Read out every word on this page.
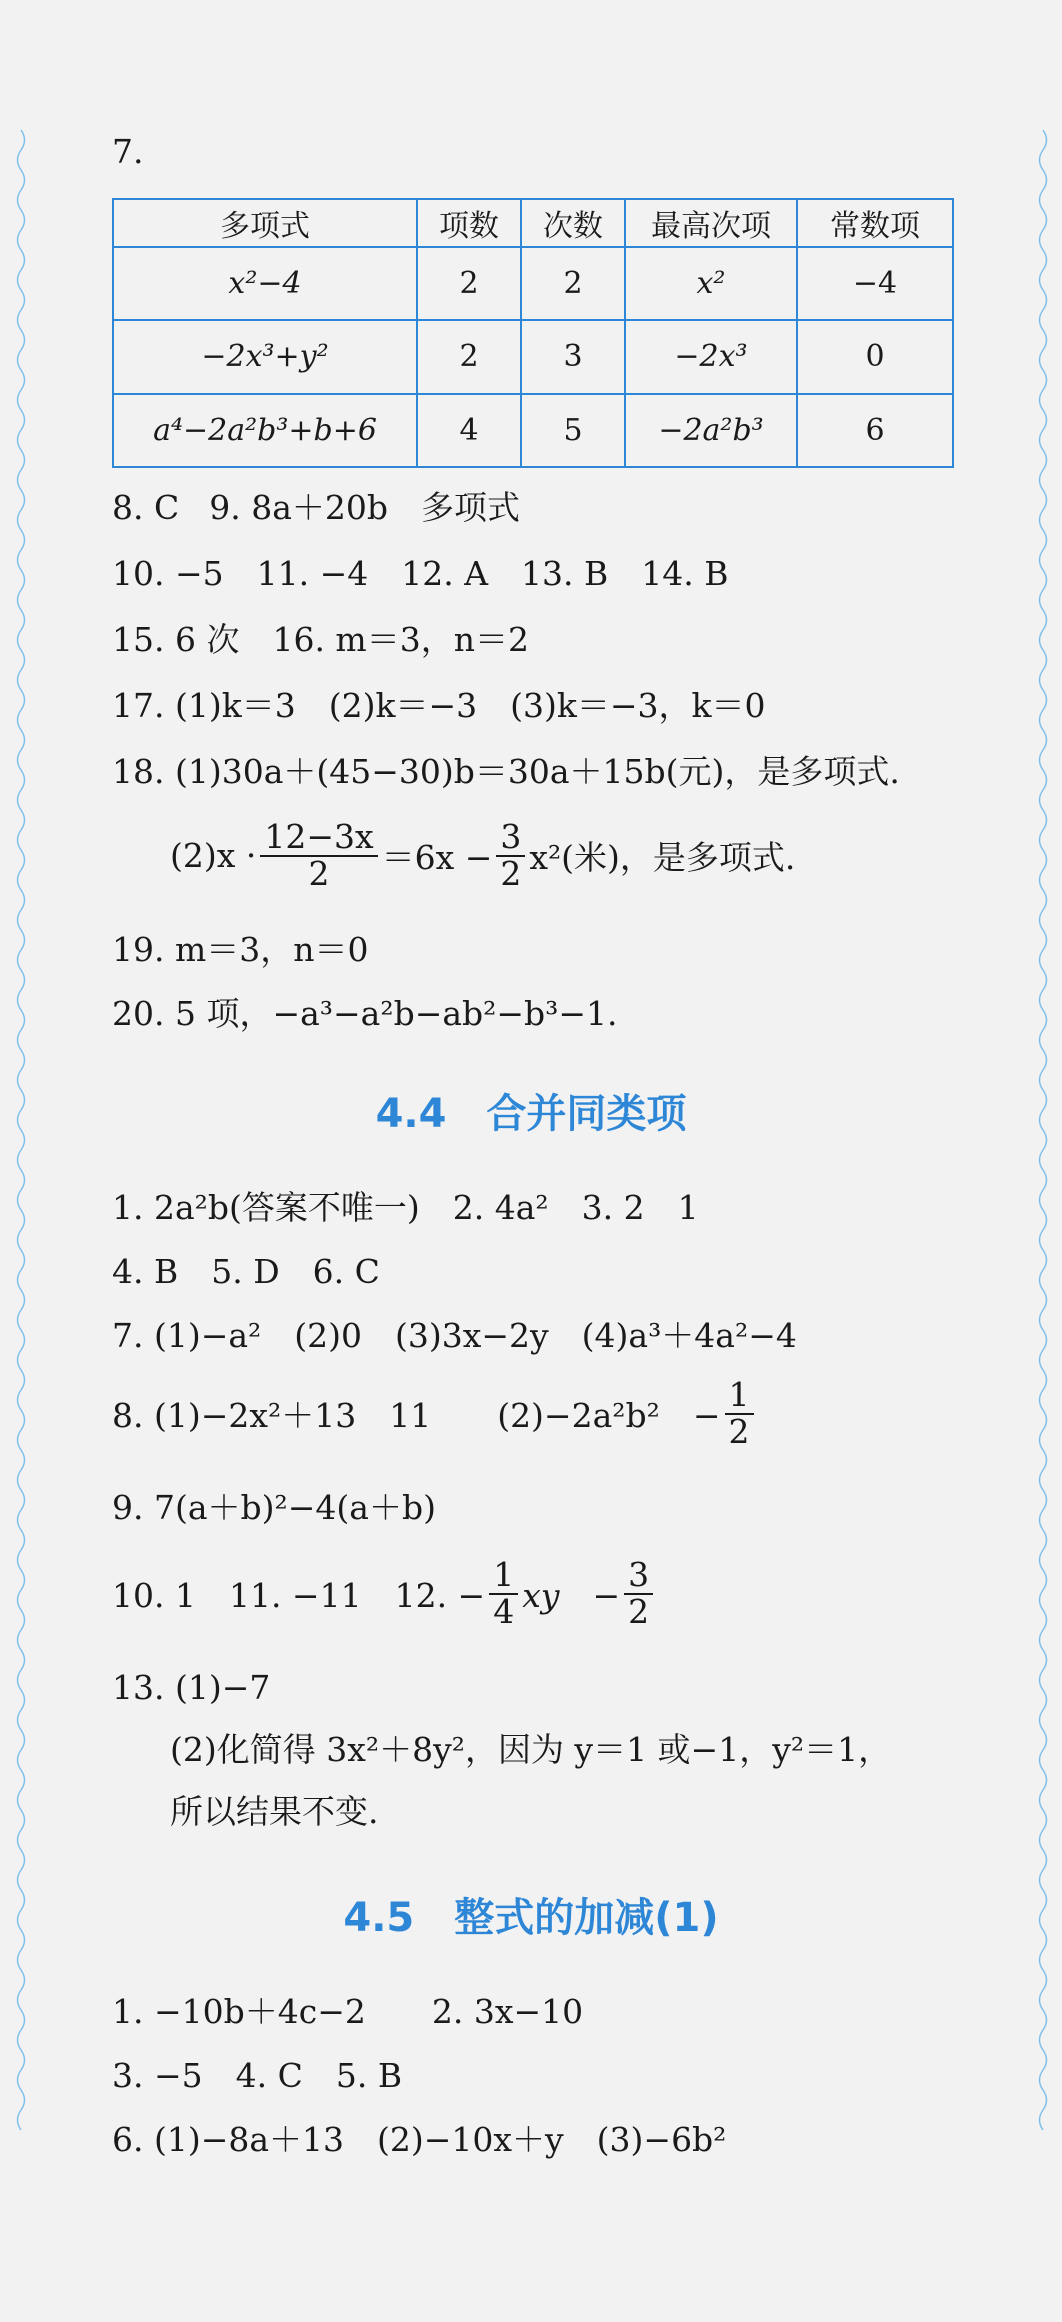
7.
多项式	项数	次数	最高次项	常数项
x²−4	2	2	x²	−4
−2x³+y²	2	3	−2x³	0
a⁴−2a²b³+b+6	4	5	−2a²b³	6
8. C 9. 8a＋20b　多项式
10. −5　11. −4　12. A　13. B　14. B
15. 6 次　16. m＝3，n＝2
17. (1)k＝3　(2)k＝−3　(3)k＝−3，k＝0
18. (1)30a＋(45−30)b＝30a＋15b(元)，是多项式.
$(2)x \cdot \frac{12-3x}{2} =6x - \frac{3}{2} x^2$(米)，是多项式.
19. m＝3，n＝0
20. 5 项，−a³−a²b−ab²−b³−1.
4.4 合并同类项
1. 2a²b(答案不唯一)　2. 4a²　3. 2　1
4. B　5. D　6. C
7. (1)−a²　(2)0　(3)3x−2y　(4)a³＋4a²−4
8. (1)−2x²＋13　11　　(2)−2a²b²　− $\frac{1}{2}$
9. 7(a＋b)²−4(a＋b)
10. 1　11. −11　12. − $\frac{1}{4}$ xy　− $\frac{3}{2}$
13. (1)−7
(2)化简得 3x²＋8y²，因为 y＝1 或−1，y²＝1，
所以结果不变.
4.5 整式的加减(1)
1. −10b＋4c−2　　2. 3x−10
3. −5　4. C　5. B
6. (1)−8a＋13　(2)−10x＋y　(3)−6b²
